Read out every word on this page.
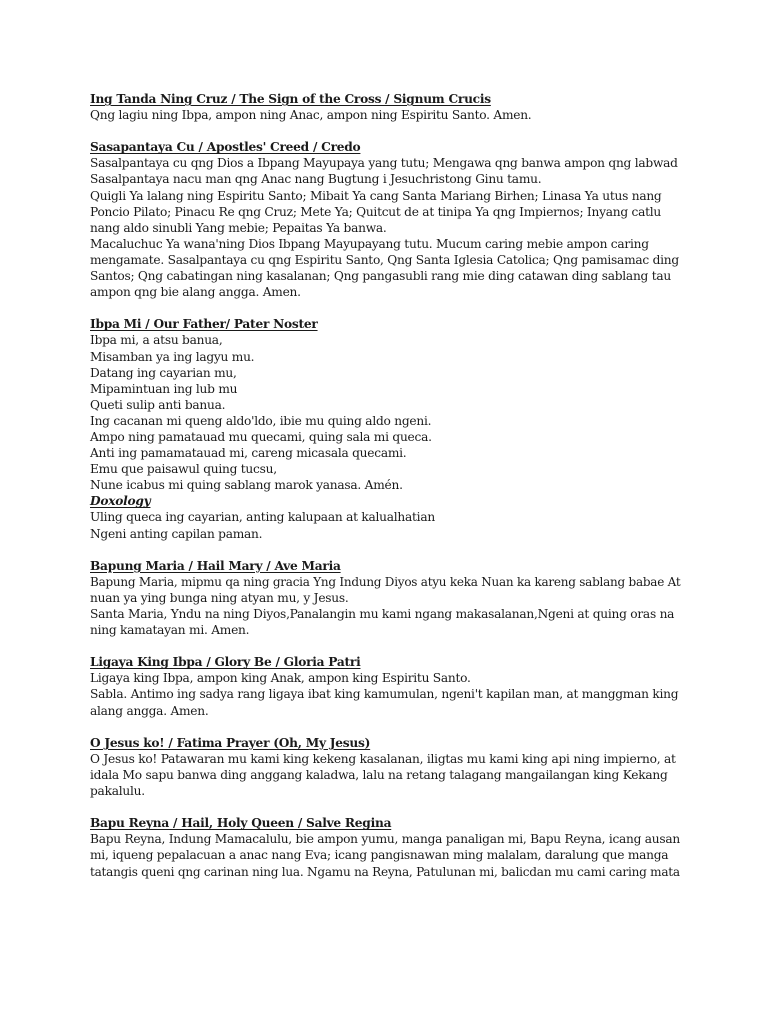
Ing Tanda Ning Cruz / The Sign of the Cross / Signum Crucis
Qng lagiu ning Ibpa, ampon ning Anac, ampon ning Espiritu Santo. Amen.
Sasapantaya Cu / Apostles' Creed / Credo
Sasalpantaya cu qng Dios a Ibpang Mayupaya yang tutu; Mengawa qng banwa ampon qng labwad
Sasalpantaya nacu man qng Anac nang Bugtung i Jesuchristong Ginu tamu.
Quigli Ya lalang ning Espiritu Santo; Mibait Ya cang Santa Mariang Birhen; Linasa Ya utus nang
Poncio Pilato; Pinacu Re qng Cruz; Mete Ya; Quitcut de at tinipa Ya qng Impiernos; Inyang catlu
nang aldo sinubli Yang mebie; Pepaitas Ya banwa.
Macaluchuc Ya wana'ning Dios Ibpang Mayupayang tutu. Mucum caring mebie ampon caring
mengamate. Sasalpantaya cu qng Espiritu Santo, Qng Santa Iglesia Catolica; Qng pamisamac ding
Santos; Qng cabatingan ning kasalanan; Qng pangasubli rang mie ding catawan ding sablang tau
ampon qng bie alang angga. Amen.
Ibpa Mi / Our Father/ Pater Noster
Ibpa mi, a atsu banua,
Misamban ya ing lagyu mu.
Datang ing cayarian mu,
Mipamintuan ing lub mu
Queti sulip anti banua.
Ing cacanan mi queng aldo'ldo, ibie mu quing aldo ngeni.
Ampo ning pamatauad mu quecami, quing sala mi queca.
Anti ing pamamatauad mi, careng micasala quecami.
Emu que paisawul quing tucsu,
Nune icabus mi quing sablang marok yanasa. Amén.
Doxology
Uling queca ing cayarian, anting kalupaan at kalualhatian
Ngeni anting capilan paman.
Bapung Maria / Hail Mary / Ave Maria
Bapung Maria, mipmu qa ning gracia Yng Indung Diyos atyu keka Nuan ka kareng sablang babae At
nuan ya ying bunga ning atyan mu, y Jesus.
Santa Maria, Yndu na ning Diyos,Panalangin mu kami ngang makasalanan,Ngeni at quing oras na
ning kamatayan mi. Amen.
Ligaya King Ibpa / Glory Be / Gloria Patri
Ligaya king Ibpa, ampon king Anak, ampon king Espiritu Santo.
Sabla. Antimo ing sadya rang ligaya ibat king kamumulan, ngeni't kapilan man, at manggman king
alang angga. Amen.
O Jesus ko! / Fatima Prayer (Oh, My Jesus)
O Jesus ko! Patawaran mu kami king kekeng kasalanan, iligtas mu kami king api ning impierno, at
idala Mo sapu banwa ding anggang kaladwa, lalu na retang talagang mangailangan king Kekang
pakalulu.
Bapu Reyna / Hail, Holy Queen / Salve Regina
Bapu Reyna, Indung Mamacalulu, bie ampon yumu, manga panaligan mi, Bapu Reyna, icang ausan
mi, iqueng pepalacuan a anac nang Eva; icang pangisnawan ming malalam, daralung que manga
tatangis queni qng carinan ning lua. Ngamu na Reyna, Patulunan mi, balicdan mu cami caring mata
